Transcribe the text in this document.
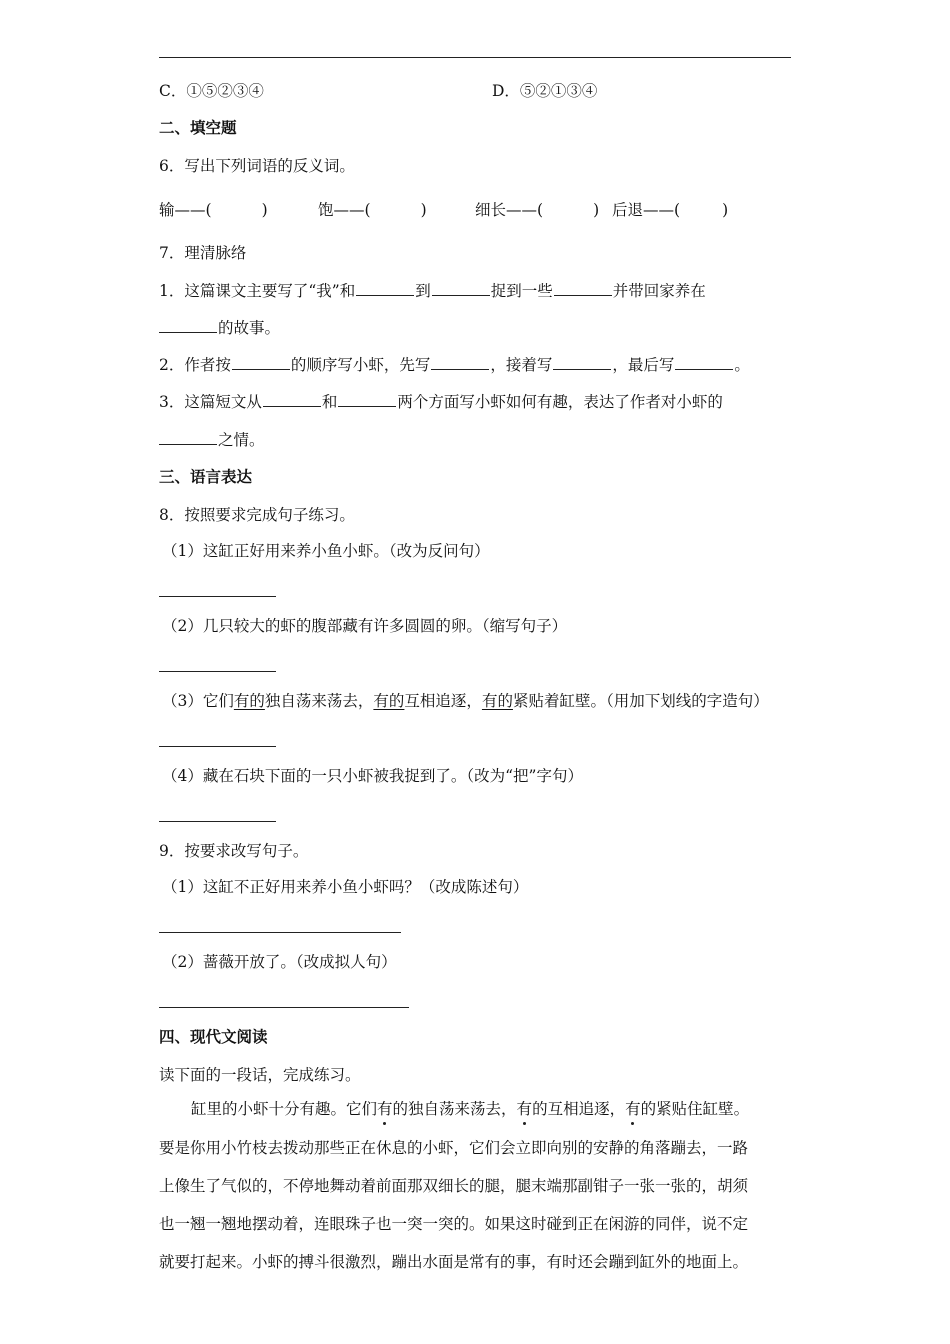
C．①⑤②③④	D．⑤②①③④
二、填空题
6．写出下列词语的反义词。
输——(	)	饱——(	)	细长——(	) 后退——(	)
7．理清脉络
1．这篇课文主要写了“我”和	到	捉到一些	并带回家养在
的故事。
2．作者按	的顺序写小虾，先写	，接着写	，最后写	。
3．这篇短文从	和	两个方面写小虾如何有趣，表达了作者对小虾的
之情。
三、语言表达
8．按照要求完成句子练习。
（1）这缸正好用来养小鱼小虾。（改为反问句）
（2）几只较大的虾的腹部藏有许多圆圆的卵。（缩写句子）
（3）它们有的独自荡来荡去，有的互相追逐，有的紧贴着缸壁。（用加下划线的字造句）
（4）藏在石块下面的一只小虾被我捉到了。（改为“把”字句）
9．按要求改写句子。
（1）这缸不正好用来养小鱼小虾吗？（改成陈述句）
（2）蔷薇开放了。（改成拟人句）
四、现代文阅读
读下面的一段话，完成练习。
缸里的小虾十分有趣。它们有的独自荡来荡去，有的互相追逐，有的紧贴住缸壁。
要是你用小竹枝去拨动那些正在休息的小虾，它们会立即向别的安静的角落蹦去，一路
上像生了气似的，不停地舞动着前面那双细长的腿，腿末端那副钳子一张一张的，胡须
也一翘一翘地摆动着，连眼珠子也一突一突的。如果这时碰到正在闲游的同伴，说不定
就要打起来。小虾的搏斗很激烈，蹦出水面是常有的事，有时还会蹦到缸外的地面上。
